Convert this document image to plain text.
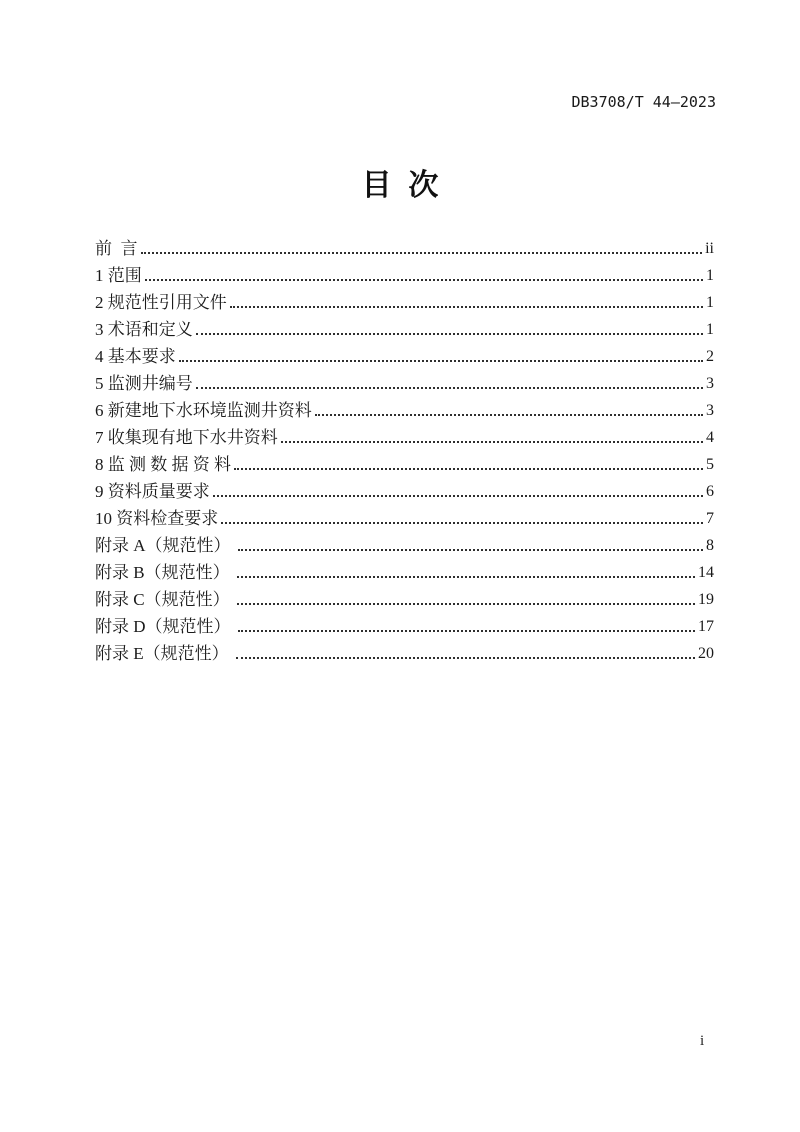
DB3708/T 44—2023
目  次
前  言	ii
1 范围	1
2 规范性引用文件	1
3 术语和定义	1
4 基本要求	2
5 监测井编号	3
6 新建地下水环境监测井资料	3
7 收集现有地下水井资料	4
8 监 测 数 据 资 料	5
9 资料质量要求	6
10 资料检查要求	7
附录 A（规范性）	8
附录 B（规范性）	14
附录 C（规范性）	19
附录 D（规范性）	17
附录 E（规范性）	20
i
